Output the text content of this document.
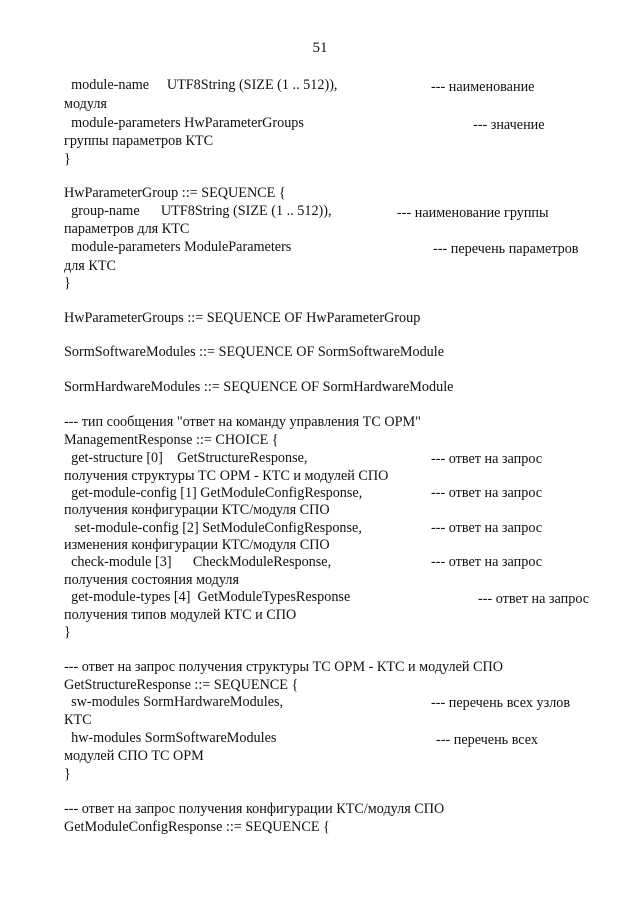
51
module-name     UTF8String (SIZE (1 .. 512)),	--- наименование
модуля
module-parameters HwParameterGroups	--- значение
группы параметров КТС
}
HwParameterGroup ::= SEQUENCE {
group-name      UTF8String (SIZE (1 .. 512)),	--- наименование группы
параметров для КТС
module-parameters ModuleParameters	--- перечень параметров
для КТС
}
HwParameterGroups ::= SEQUENCE OF HwParameterGroup
SormSoftwareModules ::= SEQUENCE OF SormSoftwareModule
SormHardwareModules ::= SEQUENCE OF SormHardwareModule
--- тип сообщения "ответ на команду управления ТС ОРМ"
ManagementResponse ::= CHOICE {
get-structure [0]    GetStructureResponse,	--- ответ на запрос
получения структуры ТС ОРМ - КТС и модулей СПО
get-module-config [1] GetModuleConfigResponse,	--- ответ на запрос
получения конфигурации КТС/модуля СПО
set-module-config [2] SetModuleConfigResponse,	--- ответ на запрос
изменения конфигурации КТС/модуля СПО
check-module [3]      CheckModuleResponse,	--- ответ на запрос
получения состояния модуля
get-module-types [4]  GetModuleTypesResponse	--- ответ на запрос
получения типов модулей КТС и СПО
}
--- ответ на запрос получения структуры ТС ОРМ - КТС и модулей СПО
GetStructureResponse ::= SEQUENCE {
sw-modules SormHardwareModules,	--- перечень всех узлов
КТС
hw-modules SormSoftwareModules	--- перечень всех
модулей СПО ТС ОРМ
}
--- ответ на запрос получения конфигурации КТС/модуля СПО
GetModuleConfigResponse ::= SEQUENCE {
